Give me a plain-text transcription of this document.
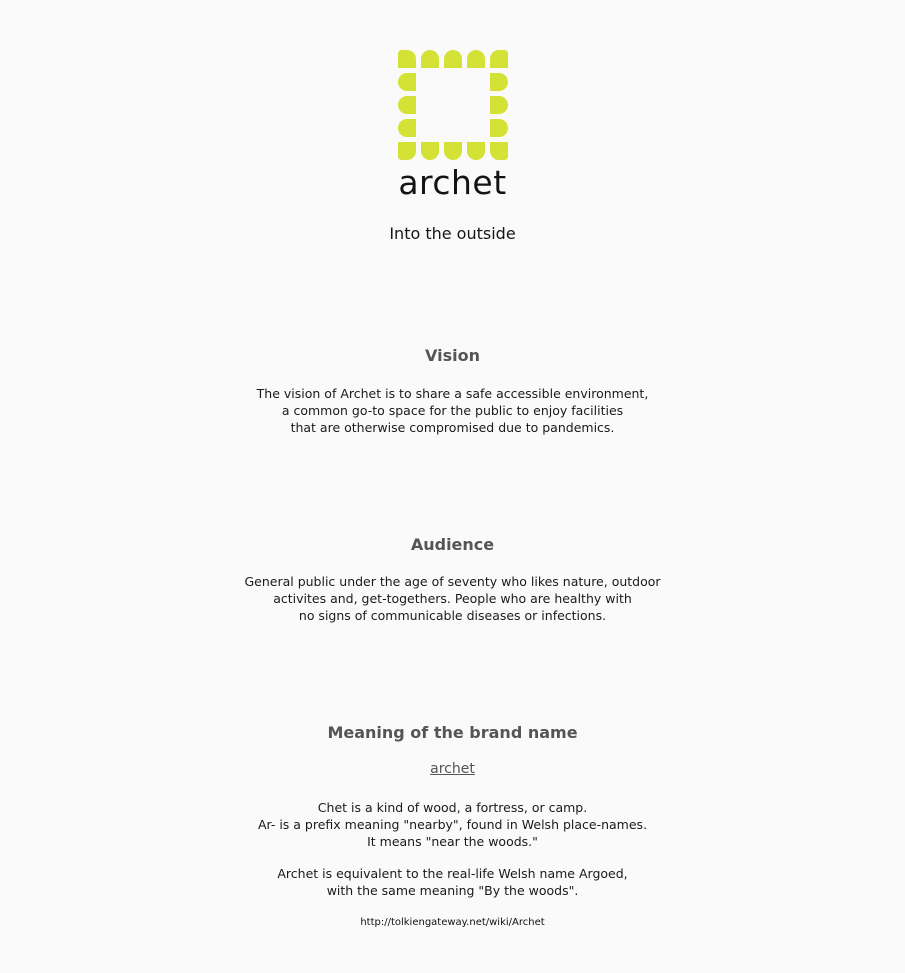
archet
Into the outside
Vision
The vision of Archet is to share a safe accessible environment,
a common go-to space for the public to enjoy facilities
that are otherwise compromised due to pandemics.
Audience
General public under the age of seventy who likes nature, outdoor
activites and, get-togethers. People who are healthy with
no signs of communicable diseases or infections.
Meaning of the brand name
archet
Chet is a kind of wood, a fortress, or camp.
Ar- is a prefix meaning "nearby", found in Welsh place-names.
It means "near the woods."
Archet is equivalent to the real-life Welsh name Argoed,
with the same meaning "By the woods".
http://tolkiengateway.net/wiki/Archet
